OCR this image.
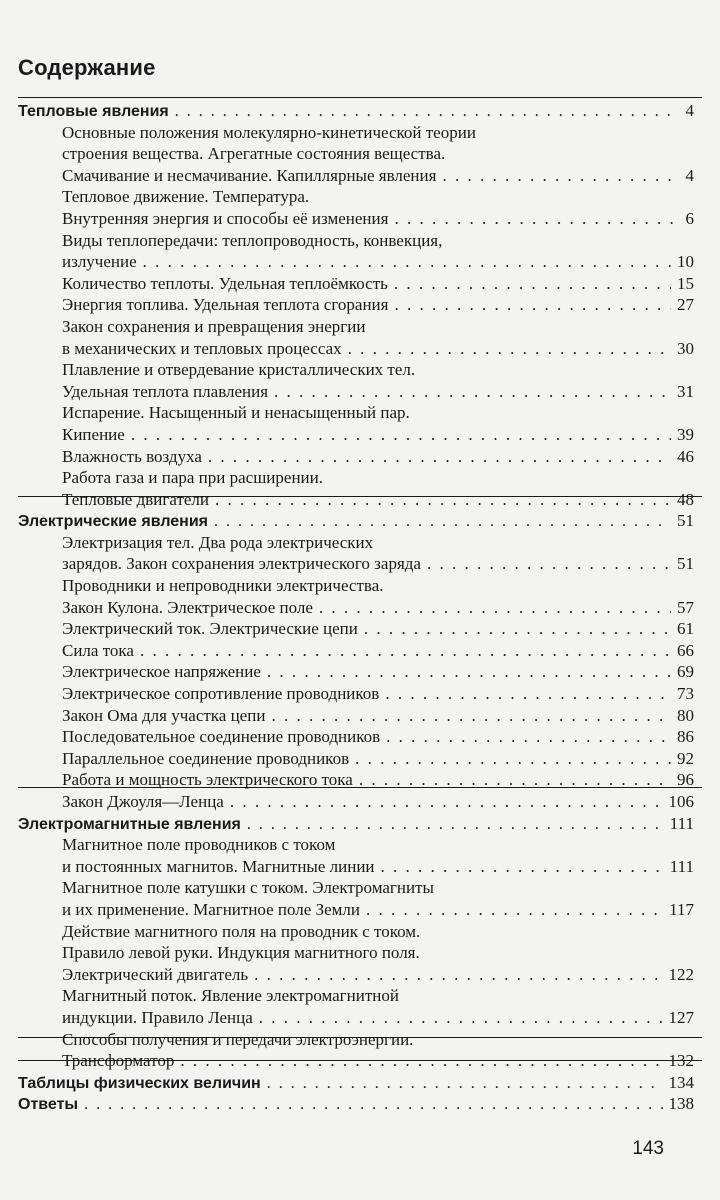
Содержание
Тепловые явления . . .	4
Основные положения молекулярно-кинетической теории
строения вещества. Агрегатные состояния вещества.
Смачивание и несмачивание. Капиллярные явления . . .	4
Тепловое движение. Температура.
Внутренняя энергия и способы её изменения . . .	6
Виды теплопередачи: теплопроводность, конвекция,
излучение . . .	10
Количество теплоты. Удельная теплоёмкость . . .	15
Энергия топлива. Удельная теплота сгорания . . .	27
Закон сохранения и превращения энергии
в механических и тепловых процессах . . .	30
Плавление и отвердевание кристаллических тел.
Удельная теплота плавления . . .	31
Испарение. Насыщенный и ненасыщенный пар.
Кипение . . .	39
Влажность воздуха . . .	46
Работа газа и пара при расширении.
Тепловые двигатели . . .	48
Электрические явления . . .	51
Электризация тел. Два рода электрических
зарядов. Закон сохранения электрического заряда . . .	51
Проводники и непроводники электричества.
Закон Кулона. Электрическое поле . . .	57
Электрический ток. Электрические цепи . . .	61
Сила тока . . .	66
Электрическое напряжение . . .	69
Электрическое сопротивление проводников . . .	73
Закон Ома для участка цепи . . .	80
Последовательное соединение проводников . . .	86
Параллельное соединение проводников . . .	92
Работа и мощность электрического тока . . .	96
Закон Джоуля—Ленца . . .	106
Электромагнитные явления . . .	111
Магнитное поле проводников с током
и постоянных магнитов. Магнитные линии . . .	111
Магнитное поле катушки с током. Электромагниты
и их применение. Магнитное поле Земли . . .	117
Действие магнитного поля на проводник с током.
Правило левой руки. Индукция магнитного поля.
Электрический двигатель . . .	122
Магнитный поток. Явление электромагнитной
индукции. Правило Ленца . . .	127
Способы получения и передачи электроэнергии.
Трансформатор . . .	132
Таблицы физических величин . . .	134
Ответы . . .	138
143
